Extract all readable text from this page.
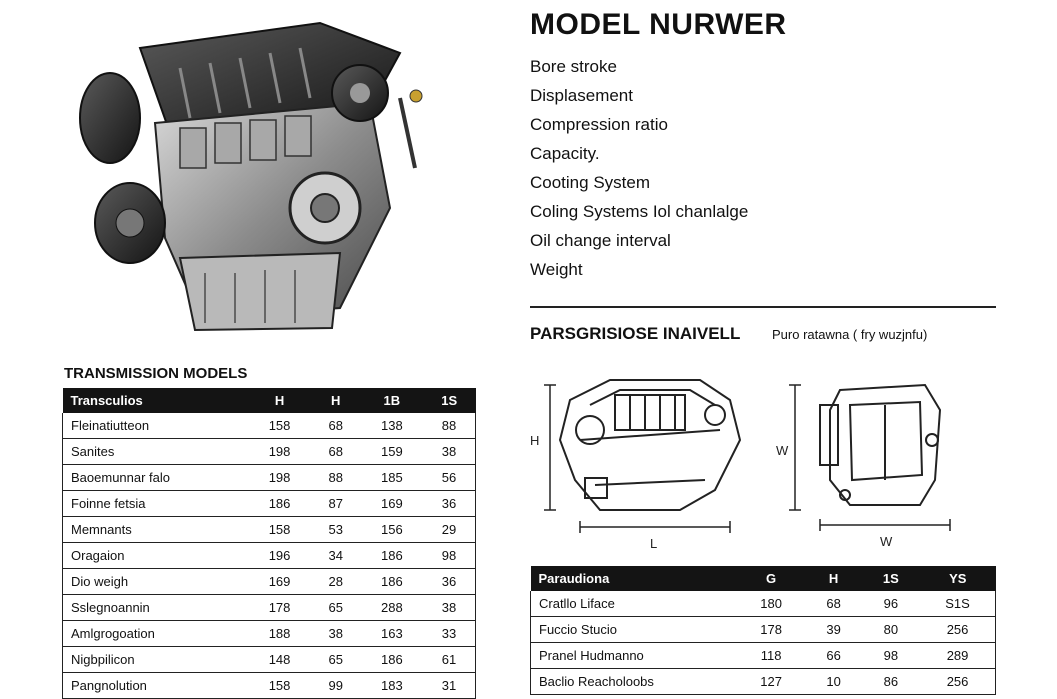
MODEL NURWER
Bore stroke
Displasement
Compression ratio
Capacity.
Cooting System
Coling Systems Iol chanlalge
Oil change interval
Weight
PARSGRISIOSE INAIVELL Puro ratawna ( fry wuzjnfu)
H
L
W
W
TRANSMISSION MODELS
Transculios	H	H	1B	1S
Fleinatiutteon	158	68	138	88
Sanites	198	68	159	38
Baoemunnar falo	198	88	185	56
Foinne fetsia	186	87	169	36
Memnants	158	53	156	29
Oragaion	196	34	186	98
Dio weigh	169	28	186	36
Sslegnoannin	178	65	288	38
Amlgrogoation	188	38	163	33
Nigbpilicon	148	65	186	61
Pangnolution	158	99	183	31
Paraudiona	G	H	1S	YS
Cratllo Liface	180	68	96	S1S
Fuccio Stucio	178	39	80	256
Pranel Hudmanno	118	66	98	289
Baclio Reacholoobs	127	10	86	256
